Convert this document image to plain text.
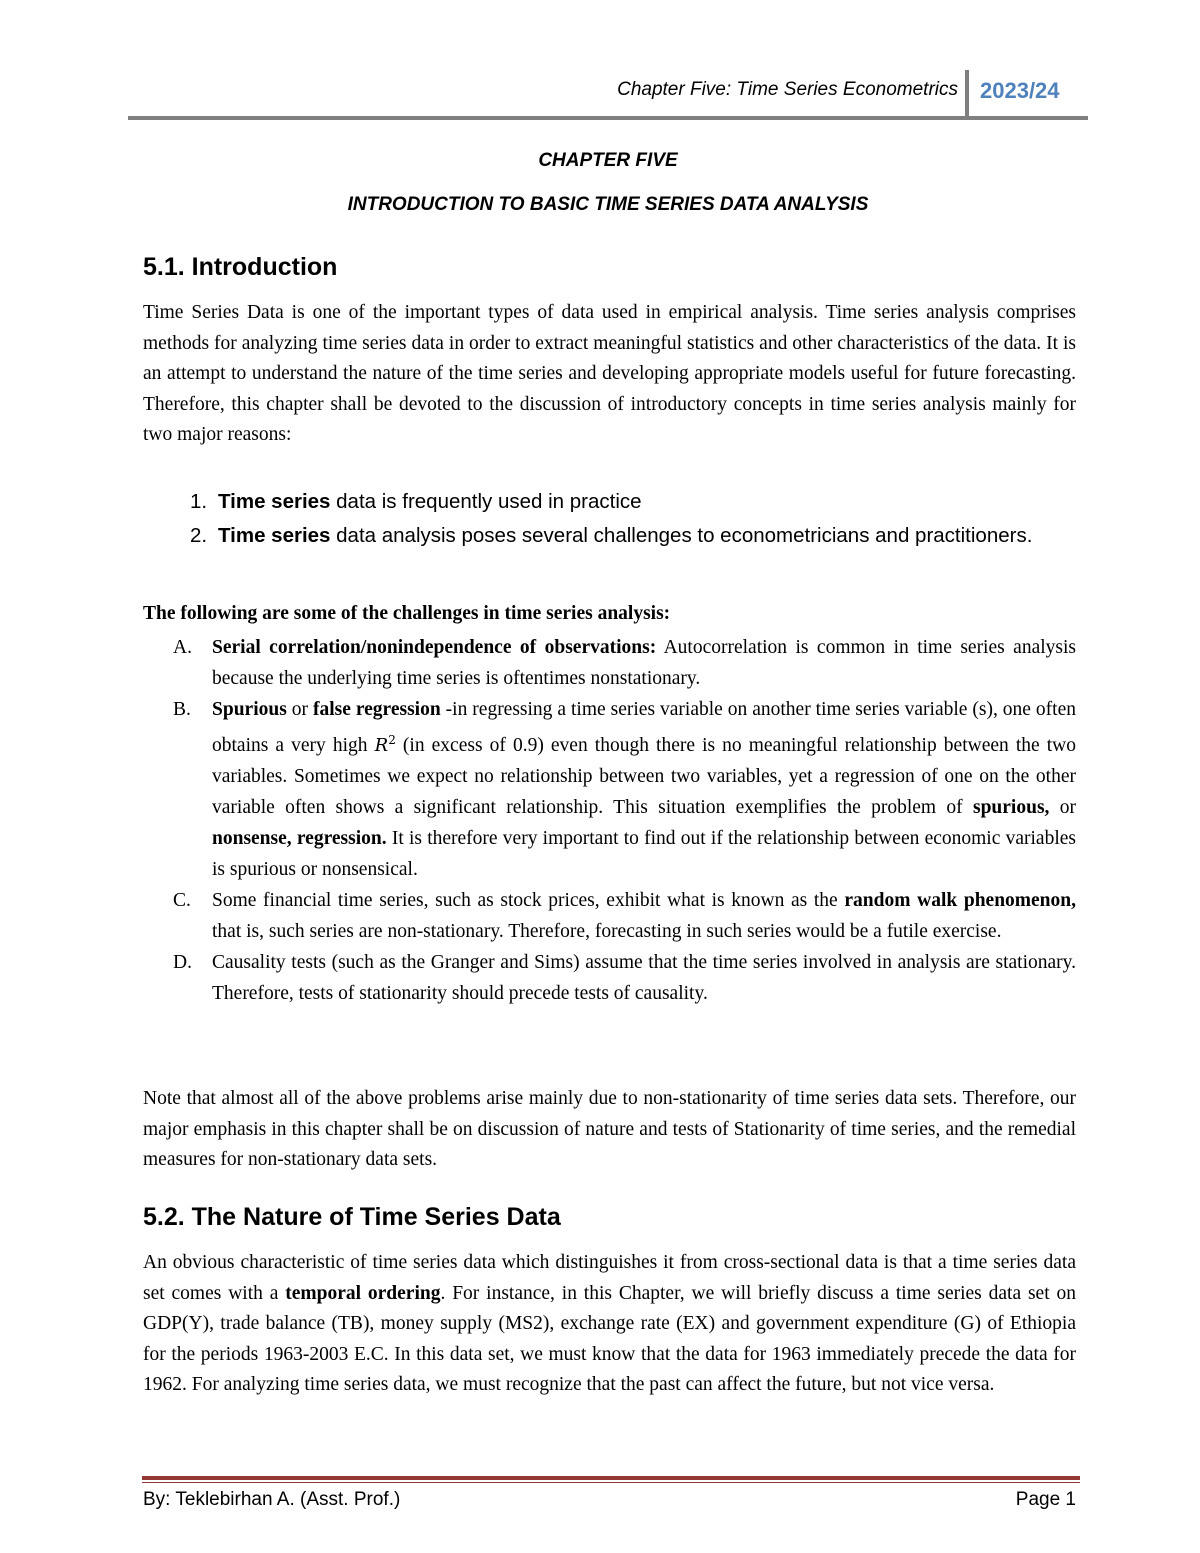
Chapter Five: Time Series Econometrics 2023/24
CHAPTER FIVE
INTRODUCTION TO BASIC TIME SERIES DATA ANALYSIS
5.1. Introduction

Time Series Data is one of the important types of data used in empirical analysis. Time series analysis comprises methods for analyzing time series data in order to extract meaningful statistics and other characteristics of the data. It is an attempt to understand the nature of the time series and developing appropriate models useful for future forecasting. Therefore, this chapter shall be devoted to the discussion of introductory concepts in time series analysis mainly for two major reasons:

1. Time series data is frequently used in practice
2. Time series data analysis poses several challenges to econometricians and practitioners.
The following are some of the challenges in time series analysis:
A. Serial correlation/nonindependence of observations: Autocorrelation is common in time series analysis because the underlying time series is oftentimes nonstationary.
B. Spurious or false regression -in regressing a time series variable on another time series variable (s), one often obtains a very high $R^2$ (in excess of 0.9) even though there is no meaningful relationship between the two variables. Sometimes we expect no relationship between two variables, yet a regression of one on the other variable often shows a significant relationship. This situation exemplifies the problem of spurious, or nonsense, regression. It is therefore very important to find out if the relationship between economic variables is spurious or nonsensical.
C. Some financial time series, such as stock prices, exhibit what is known as the random walk phenomenon, that is, such series are non-stationary. Therefore, forecasting in such series would be a futile exercise.
D. Causality tests (such as the Granger and Sims) assume that the time series involved in analysis are stationary. Therefore, tests of stationarity should precede tests of causality.

Note that almost all of the above problems arise mainly due to non-stationarity of time series data sets. Therefore, our major emphasis in this chapter shall be on discussion of nature and tests of Stationarity of time series, and the remedial measures for non-stationary data sets.

5.2. The Nature of Time Series Data

An obvious characteristic of time series data which distinguishes it from cross-sectional data is that a time series data set comes with a temporal ordering. For instance, in this Chapter, we will briefly discuss a time series data set on GDP(Y), trade balance (TB), money supply (MS2), exchange rate (EX) and government expenditure (G) of Ethiopia for the periods 1963-2003 E.C. In this data set, we must know that the data for 1963 immediately precede the data for 1962. For analyzing time series data, we must recognize that the past can affect the future, but not vice versa.

By: Teklebirhan A. (Asst. Prof.)	Page 1
